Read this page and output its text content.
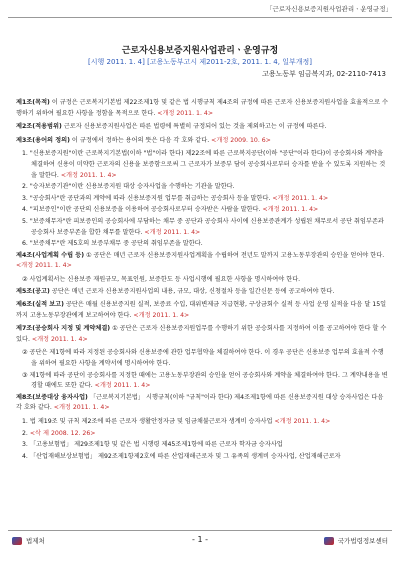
「근로자신용보증지원사업관리ㆍ운영규정」
근로자신용보증지원사업관리ㆍ운영규정
[시행 2011. 1. 4] [고용노동부고시 제2011-2호, 2011. 1. 4, 일부개정]
고용노동부 임금복지과, 02-2110-7413
제1조(목적) 이 규정은 근로복지기본법 제22조제1항 및 같은 법 시행규칙 제4조의 규정에 따른 근로자 신용보증지원사업을 효율적으로 수행하기 위하여 필요한 사항을 정함을 목적으로 한다. <개정 2011. 1. 4>
제2조(적용범위) 근로자 신용보증지원사업은 따른 법령에 특별히 규정되어 있는 것을 제외하고는 이 규정에 따른다.
제3조(용어의 정의) 이 규정에서 정하는 용어의 뜻은 다음 각 호와 같다. <개정 2009. 10. 6>
1. "신용보증지원"이란 근로복지기본법(이하 "법"이라 한다) 제22조에 따른 근로복지공단(이하 "공단"이라 한다)이 공승회사와 계약을 체결하여 신용이 미약한 근로자의 신용을 보증함으로써 그 근로자가 보증부 담이 공승회사로부터 승자를 받을 수 있도록 지원하는 것을 말한다. <개정 2011. 1. 4>
2. "승자보증기관"이란 신용보증지원 대상 승자사업을 수행하는 기관을 말한다.
3. "공승회사"란 공단과의 계약에 따라 신용보증지원 업무를 취급하는 공승회사 등을 말한다. <개정 2011. 1. 4>
4. "피보증인"이란 공단의 신용보증을 이용하여 공승회사로부터 승자받은 사람을 말한다. <개정 2011. 1. 4>
5. "보증채무자"란 피보증인의 공승회사에 부담하는 채무 중 공단과 공승회사 사이에 신용보증관계가 성립된 채무로서 공단 취임부존과 공승회사 보증부존을 합한 채무를 말한다. <개정 2011. 1. 4>
6. "보증채무"란 제5호의 보증부채무 중 공단의 취임부존을 말한다.
제4조(사업계획 수립 등) ① 공단은 매년 근로자 신용보증지원사업계획을 수립하여 전년도 말까지 고용노동부장관의 승인을 얻어야 한다. <개정 2011. 1. 4>
② 사업계획서는 신용보증 재원규모, 목표인원, 보증한도 등 사업시행에 필요한 사항을 명시하여야 한다.
제5조(공고) 공단은 매년 근로자 신용보증지원사업의 내용, 규모, 대상, 신청절차 등을 일간신문 등에 공고하여야 한다.
제6조(실적 보고) 공단은 매월 신용보증지원 실적, 보증료 수입, 대위변제금 지급현황, 구상금회수 실적 등 사업 운영 실적을 다음 달 15일까지 고용노동부장관에게 보고하여야 한다. <개정 2011. 1. 4>
제7조(공승회사 지정 및 계약체결) ① 공단은 근로자 신용보증지원업무를 수행하기 위한 공승회사를 지정하여 이를 공고하여야 한다 할 수 있다. <개정 2011. 1. 4>
② 공단은 제1항에 따라 지정된 공승회사와 신용보증에 관한 업무협약을 체결하여야 한다. 이 경우 공단은 신용보증 업무의 효율적 수행을 위하여 필요한 사항을 계약서에 명시하여야 한다.
③ 제1항에 따라 공단이 공승회사를 지정한 때에는 고용노동부장관의 승인을 얻어 공승회사와 계약을 체결하여야 한다. 그 계약내용을 변경할 때에도 또한 같다. <개정 2011. 1. 4>
제8조(보증대상 융자사업) 「근로복지기본법」 시행규칙(이하 "규칙"이라 한다) 제4조제1항에 따른 신용보증지원 대상 승자사업은 다음 각 호와 같다. <개정 2011. 1. 4>
1. 법 제19조 및 규칙 제2조에 따른 근로자 생활안정자금 및 임금채불근로자 생계비 승자사업 <개정 2011. 1. 4>
2. <삭 제 2008. 12. 26>
3. 「고용보험법」 제29조제1항 및 같은 법 시행령 제45조제1항에 따른 근로자 학자금 승자사업
4. 「산업재해보상보험법」 제92조제1항제2호에 따른 산업재해근로자 및 그 유족의 생계비 승자사업, 산업재해근로자
법제처	- 1 -	국가법령정보센터
